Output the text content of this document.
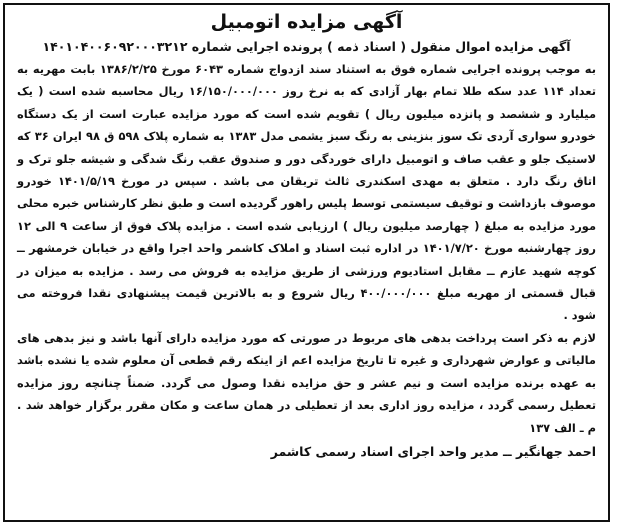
آگهی مزایده اتومبیل
آگهی مزایده اموال منقول ( اسناد ذمه ) پرونده اجرایی شماره ۱۴۰۱۰۴۰۰۶۰۹۲۰۰۰۳۲۱۲

به موجب پرونده اجرایی شماره فوق به استناد سند ازدواج شماره ۶۰۴۳ مورخ ۱۳۸۶/۲/۲۵ بابت مهریه به تعداد ۱۱۴ عدد سکه طلا تمام بهار آزادی که به نرخ روز ۱۶/۱۵۰/۰۰۰/۰۰۰ ریال محاسبه شده است ( یک میلیارد و ششصد و پانزده میلیون ریال ) تقویم شده است که مورد مزایده عبارت است از یک دستگاه خودرو سواری آردی تک سوز بنزینی به رنگ سبز یشمی مدل ۱۳۸۳ به شماره پلاک ۵۹۸ ق ۹۸ ایران ۳۶ که لاستیک جلو و عقب صاف و اتومبیل دارای خوردگی دور و صندوق عقب رنگ شدگی و شیشه جلو ترک و اتاق رنگ دارد . متعلق به مهدی اسکندری ثالث تربقان می باشد . سپس در مورخ ۱۴۰۱/۵/۱۹ خودرو موصوف بازداشت و توقیف سیستمی توسط پلیس راهور گردیده است و طبق نظر کارشناس خبره محلی مورد مزایده به مبلغ ( چهارصد میلیون ریال ) ارزیابی شده است . مزایده پلاک فوق از ساعت ۹ الی ۱۲ روز چهارشنبه مورخ ۱۴۰۱/۷/۲۰ در اداره ثبت اسناد و املاک کاشمر واحد اجرا واقع در خیابان خرمشهر ــ کوچه شهید عازم ــ مقابل استادیوم ورزشی از طریق مزایده به فروش می رسد . مزایده به میزان در قبال قسمتی از مهریه مبلغ ۴۰۰/۰۰۰/۰۰۰ ریال شروع و به بالاترین قیمت پیشنهادی نقدا فروخته می شود .

لازم به ذکر است پرداخت بدهی های مربوط در صورتی که مورد مزایده دارای آنها باشد و نیز بدهی های مالیاتی و عوارض شهرداری و غیره تا تاریخ مزایده اعم از اینکه رقم قطعی آن معلوم شده یا نشده باشد به عهده برنده مزایده است و نیم عشر و حق مزایده نقدا وصول می گردد. ضمناً چنانچه روز مزایده تعطیل رسمی گردد ، مزایده روز اداری بعد از تعطیلی در همان ساعت و مکان مقرر برگزار خواهد شد . م ـ الف ۱۳۷

احمد جهانگیر ــ مدیر واحد اجرای اسناد رسمی کاشمر
